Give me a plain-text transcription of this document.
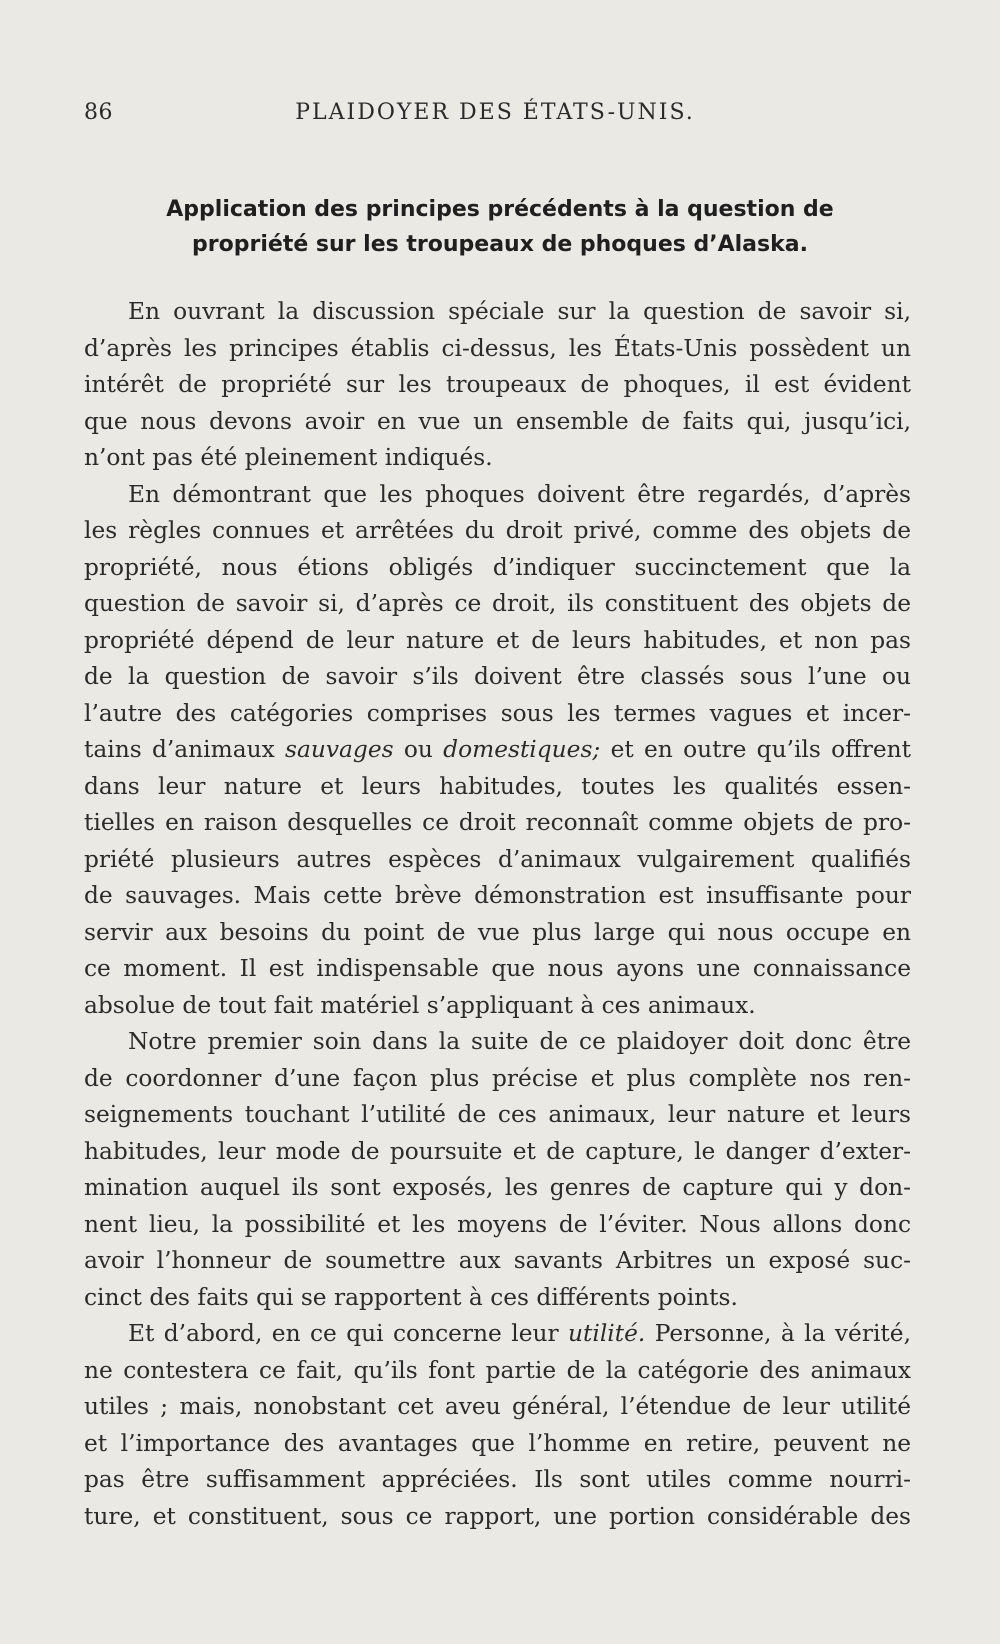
86	PLAIDOYER DES ÉTATS-UNIS.
Application des principes précédents à la question de
propriété sur les troupeaux de phoques d’Alaska.
En ouvrant la discussion spéciale sur la question de savoir si,
d’après les principes établis ci-dessus, les États-Unis possèdent un
intérêt de propriété sur les troupeaux de phoques, il est évident
que nous devons avoir en vue un ensemble de faits qui, jusqu’ici,
n’ont pas été pleinement indiqués.
En démontrant que les phoques doivent être regardés, d’après
les règles connues et arrêtées du droit privé, comme des objets de
propriété, nous étions obligés d’indiquer succinctement que la
question de savoir si, d’après ce droit, ils constituent des objets de
propriété dépend de leur nature et de leurs habitudes, et non pas
de la question de savoir s’ils doivent être classés sous l’une ou
l’autre des catégories comprises sous les termes vagues et incer-
tains d’animaux sauvages ou domestiques; et en outre qu’ils offrent
dans leur nature et leurs habitudes, toutes les qualités essen-
tielles en raison desquelles ce droit reconnaît comme objets de pro-
priété plusieurs autres espèces d’animaux vulgairement qualifiés
de sauvages. Mais cette brève démonstration est insuffisante pour
servir aux besoins du point de vue plus large qui nous occupe en
ce moment. Il est indispensable que nous ayons une connaissance
absolue de tout fait matériel s’appliquant à ces animaux.
Notre premier soin dans la suite de ce plaidoyer doit donc être
de coordonner d’une façon plus précise et plus complète nos ren-
seignements touchant l’utilité de ces animaux, leur nature et leurs
habitudes, leur mode de poursuite et de capture, le danger d’exter-
mination auquel ils sont exposés, les genres de capture qui y don-
nent lieu, la possibilité et les moyens de l’éviter. Nous allons donc
avoir l’honneur de soumettre aux savants Arbitres un exposé suc-
cinct des faits qui se rapportent à ces différents points.
Et d’abord, en ce qui concerne leur utilité. Personne, à la vérité,
ne contestera ce fait, qu’ils font partie de la catégorie des animaux
utiles ; mais, nonobstant cet aveu général, l’étendue de leur utilité
et l’importance des avantages que l’homme en retire, peuvent ne
pas être suffisamment appréciées. Ils sont utiles comme nourri-
ture, et constituent, sous ce rapport, une portion considérable des
